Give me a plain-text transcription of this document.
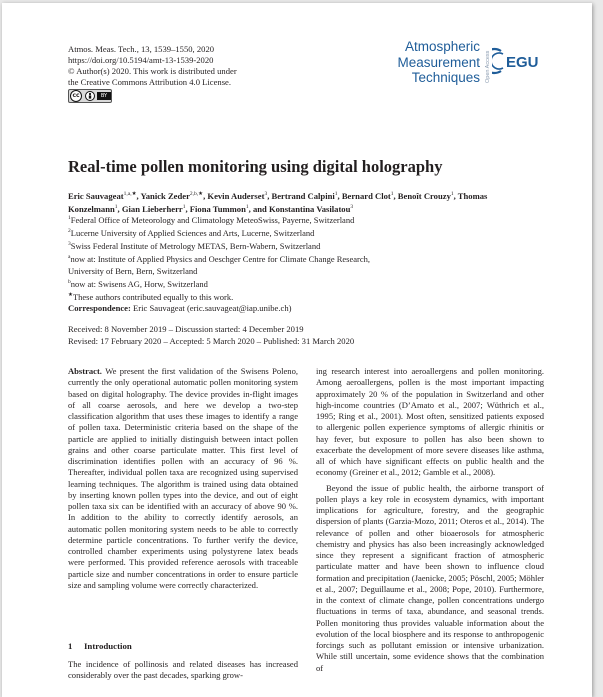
Atmos. Meas. Tech., 13, 1539–1550, 2020
https://doi.org/10.5194/amt-13-1539-2020
© Author(s) 2020. This work is distributed under
the Creative Commons Attribution 4.0 License.
cc	BY
Atmospheric
Measurement
Techniques Open Access EGU
Real-time pollen monitoring using digital holography
Eric Sauvageat$^{1,a,★}$, Yanick Zeder$^{2,b,★}$, Kevin Auderset$^3$, Bertrand Calpini$^1$, Bernard Clot$^1$, Benoît Crouzy$^1$, Thomas Konzelmann$^1$, Gian Lieberherr$^1$, Fiona Tummon$^1$, and Konstantina Vasilatou$^3$
$^1$Federal Office of Meteorology and Climatology MeteoSwiss, Payerne, Switzerland
$^2$Lucerne University of Applied Sciences and Arts, Lucerne, Switzerland
$^3$Swiss Federal Institute of Metrology METAS, Bern-Wabern, Switzerland
$^a$now at: Institute of Applied Physics and Oeschger Centre for Climate Change Research,
University of Bern, Bern, Switzerland
$^b$now at: Swisens AG, Horw, Switzerland
★These authors contributed equally to this work.
Correspondence: Eric Sauvageat (eric.sauvageat@iap.unibe.ch)
Received: 8 November 2019 – Discussion started: 4 December 2019
Revised: 17 February 2020 – Accepted: 5 March 2020 – Published: 31 March 2020

Abstract. We present the first validation of the Swisens Poleno, currently the only operational automatic pollen monitoring system based on digital holography. The device provides in-flight images of all coarse aerosols, and here we develop a two-step classification algorithm that uses these images to identify a range of pollen taxa. Deterministic criteria based on the shape of the particle are applied to initially distinguish between intact pollen grains and other coarse particulate matter. This first level of discrimination identifies pollen with an accuracy of 96 %. Thereafter, individual pollen taxa are recognized using supervised learning techniques. The algorithm is trained using data obtained by inserting known pollen types into the device, and out of eight pollen taxa six can be identified with an accuracy of above 90 %. In addition to the ability to correctly identify aerosols, an automatic pollen monitoring system needs to be able to correctly determine particle concentrations. To further verify the device, controlled chamber experiments using polystyrene latex beads were performed. This provided reference aerosols with traceable particle size and number concentrations in order to ensure particle size and sampling volume were correctly characterized.

ing research interest into aeroallergens and pollen monitoring. Among aeroallergens, pollen is the most important impacting approximately 20 % of the population in Switzerland and other high-income countries (D’Amato et al., 2007; Wüthrich et al., 1995; Ring et al., 2001). Most often, sensitized patients exposed to allergenic pollen experience symptoms of allergic rhinitis or hay fever, but exposure to pollen has also been shown to exacerbate the development of more severe diseases like asthma, all of which have significant effects on public health and the economy (Greiner et al., 2012; Gamble et al., 2008).

Beyond the issue of public health, the airborne transport of pollen plays a key role in ecosystem dynamics, with important implications for agriculture, forestry, and the geographic dispersion of plants (Garzia-Mozo, 2011; Oteros et al., 2014). The relevance of pollen and other bioaerosols for atmospheric chemistry and physics has also been increasingly acknowledged since they represent a significant fraction of atmospheric particulate matter and have been shown to influence cloud formation and precipitation (Jaenicke, 2005; Pöschl, 2005; Möhler et al., 2007; Deguillaume et al., 2008; Pope, 2010). Furthermore, in the context of climate change, pollen concentrations undergo fluctuations in terms of taxa, abundance, and seasonal trends. Pollen monitoring thus provides valuable information about the evolution of the local biosphere and its response to anthropogenic forcings such as pollutant emission or intensive urbanization. While still uncertain, some evidence shows that the combination of

1 Introduction
The incidence of pollinosis and related diseases has increased considerably over the past decades, sparking grow-
